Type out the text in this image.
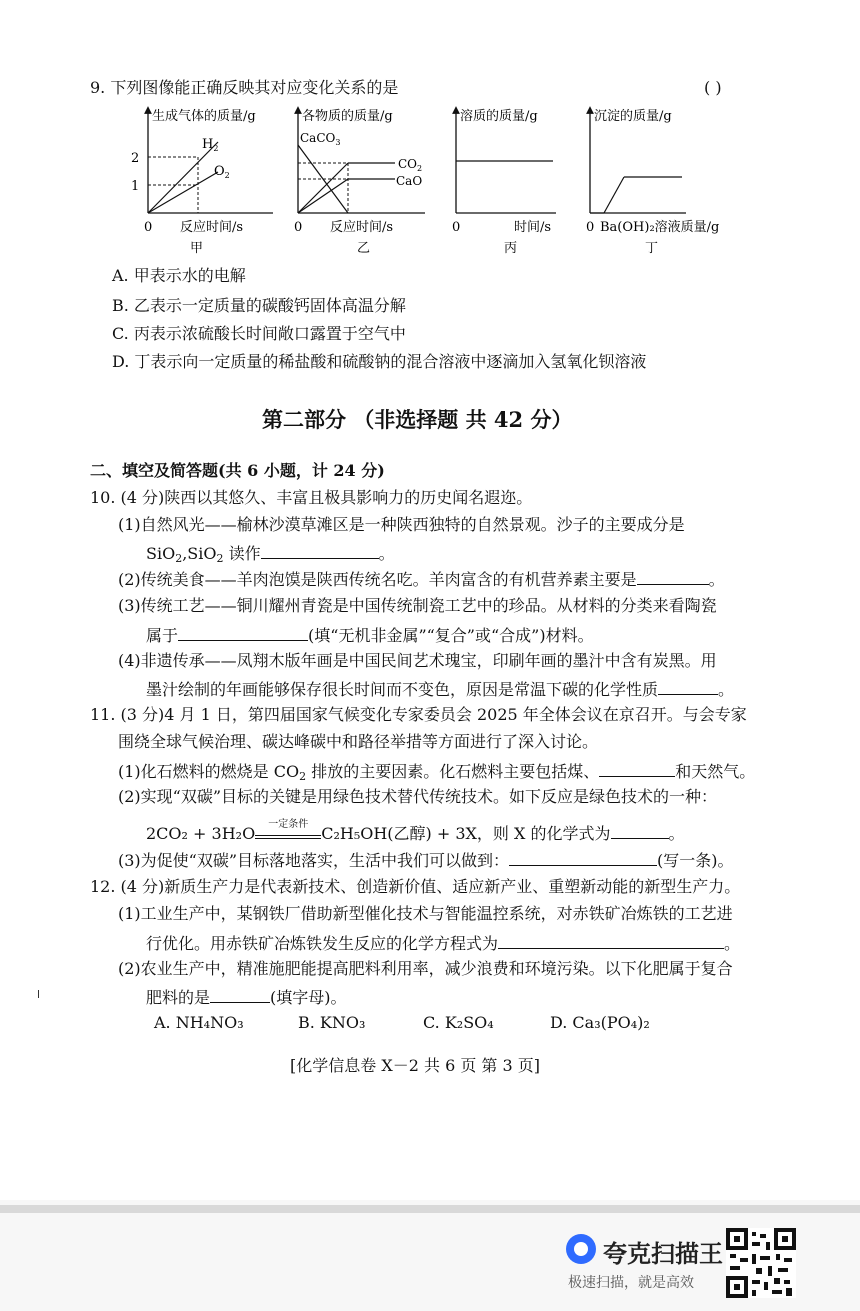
9. 下列图像能正确反映其对应变化关系的是	( )
生成气体的质量/g
2
1
$H_2$
$O_2$
0 反应时间/s
甲
各物质的质量/g
CaCO$_3$
$CO_2$
CaO
0 反应时间/s
乙
溶质的质量/g
0	时间/s
丙
沉淀的质量/g
0 Ba(OH)₂溶液质量/g
丁
A. 甲表示水的电解
B. 乙表示一定质量的碳酸钙固体高温分解
C. 丙表示浓硫酸长时间敞口露置于空气中
D. 丁表示向一定质量的稀盐酸和硫酸钠的混合溶液中逐滴加入氢氧化钡溶液
第二部分 （非选择题 共 42 分）
二、填空及简答题(共 6 小题，计 24 分)
10. (4 分)陕西以其悠久、丰富且极具影响力的历史闻名遐迩。
(1)自然风光——榆林沙漠草滩区是一种陕西独特的自然景观。沙子的主要成分是
SiO$_2$,SiO$_2$ 读作	。
(2)传统美食——羊肉泡馍是陕西传统名吃。羊肉富含的有机营养素主要是	。
(3)传统工艺——铜川耀州青瓷是中国传统制瓷工艺中的珍品。从材料的分类来看陶瓷
属于	(填“无机非金属”“复合”或“合成”)材料。
(4)非遗传承——凤翔木版年画是中国民间艺术瑰宝，印刷年画的墨汁中含有炭黑。用
墨汁绘制的年画能够保存很长时间而不变色，原因是常温下碳的化学性质	。
11. (3 分)4 月 1 日，第四届国家气候变化专家委员会 2025 年全体会议在京召开。与会专家
围绕全球气候治理、碳达峰碳中和路径举措等方面进行了深入讨论。
(1)化石燃料的燃烧是 $CO_2$ 排放的主要因素。化石燃料主要包括煤、	和天然气。
(2)实现“双碳”目标的关键是用绿色技术替代传统技术。如下反应是绿色技术的一种：
2CO₂ + 3H₂O	一定条件 C₂H₅OH(乙醇) + 3X，则 X 的化学式为	。
(3)为促使“双碳”目标落地落实，生活中我们可以做到：	(写一条)。
12. (4 分)新质生产力是代表新技术、创造新价值、适应新产业、重塑新动能的新型生产力。
(1)工业生产中，某钢铁厂借助新型催化技术与智能温控系统，对赤铁矿冶炼铁的工艺进
行优化。用赤铁矿冶炼铁发生反应的化学方程式为	。
(2)农业生产中，精准施肥能提高肥料利用率，减少浪费和环境污染。以下化肥属于复合
肥料的是	(填字母)。
A. NH₄NO₃	B. KNO₃	C. K₂SO₄	D. Ca₃(PO₄)₂
[化学信息卷 X－2 共 6 页 第 3 页]
夸克扫描王
极速扫描，就是高效
